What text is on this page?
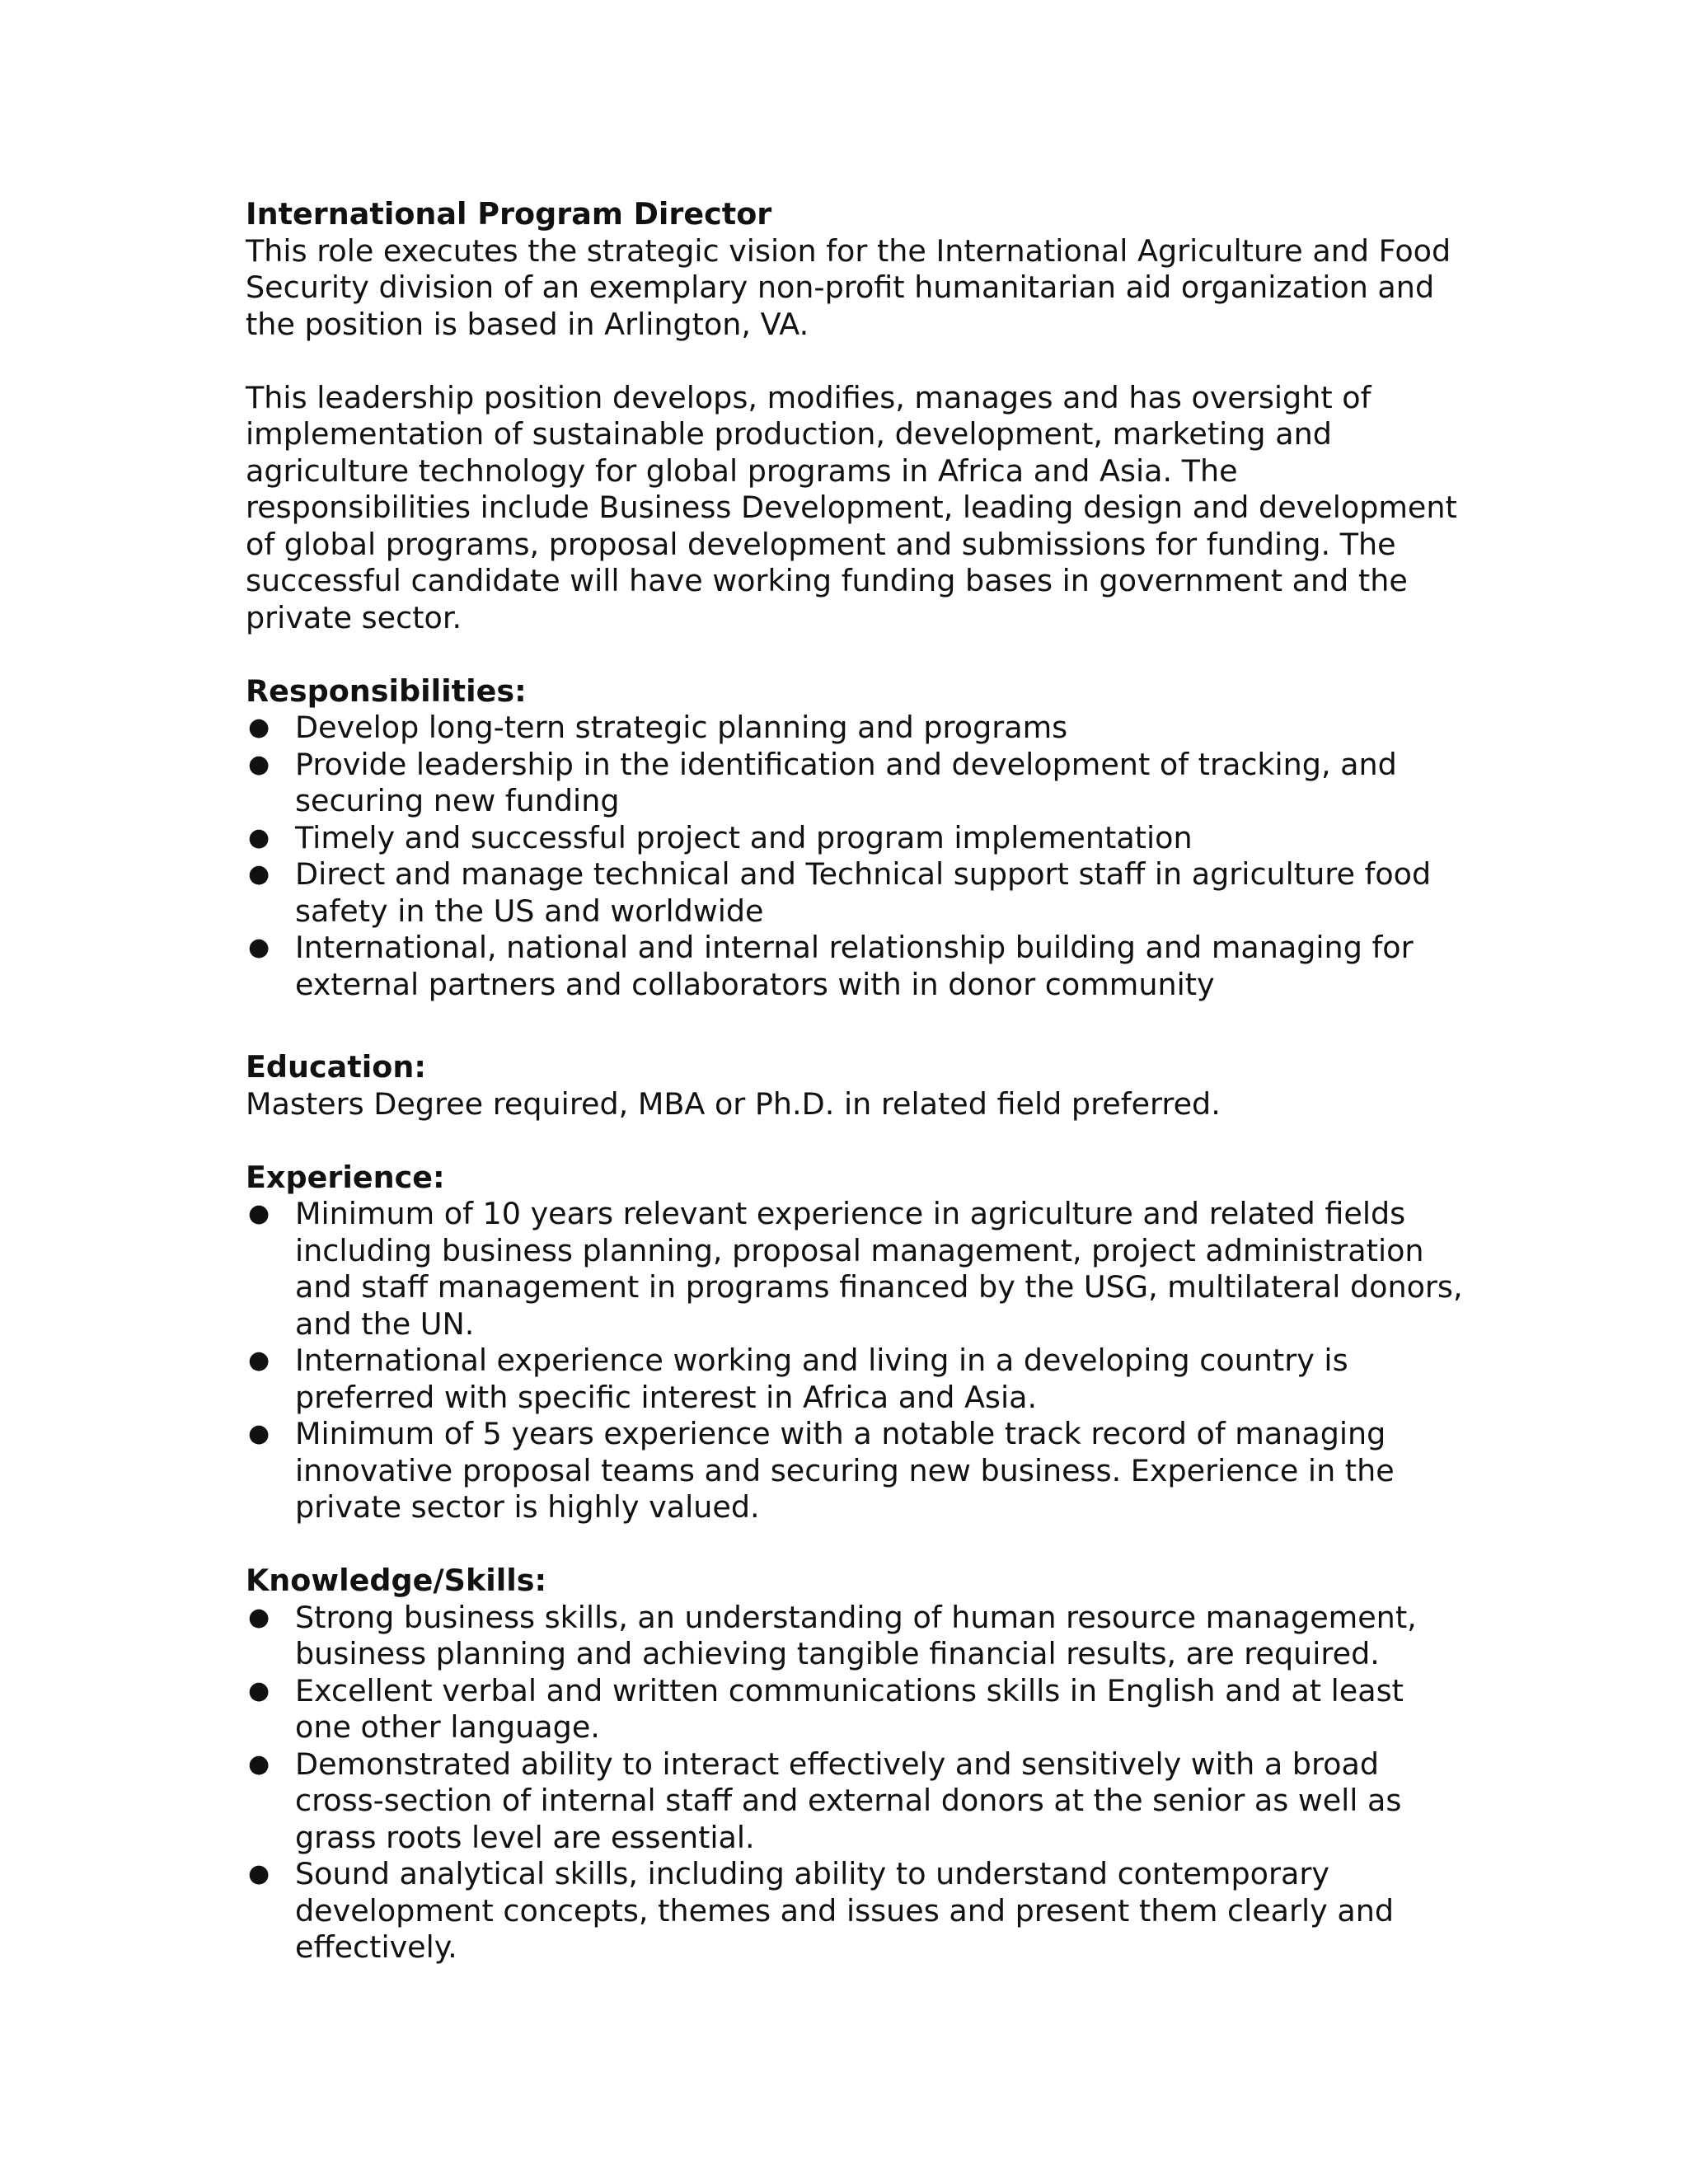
International Program Director

This role executes the strategic vision for the International Agriculture and Food Security division of an exemplary non-profit humanitarian aid organization and the position is based in Arlington, VA.

This leadership position develops, modifies, manages and has oversight of implementation of sustainable production, development, marketing and agriculture technology for global programs in Africa and Asia. The responsibilities include Business Development, leading design and development of global programs, proposal development and submissions for funding. The successful candidate will have working funding bases in government and the private sector.

Responsibilities:
● Develop long-tern strategic planning and programs
● Provide leadership in the identification and development of tracking, and securing new funding
● Timely and successful project and program implementation
● Direct and manage technical and Technical support staff in agriculture food safety in the US and worldwide
● International, national and internal relationship building and managing for external partners and collaborators with in donor community
Education:

Masters Degree required, MBA or Ph.D. in related field preferred.

Experience:
● Minimum of 10 years relevant experience in agriculture and related fields including business planning, proposal management, project administration and staff management in programs financed by the USG, multilateral donors, and the UN.
● International experience working and living in a developing country is preferred with specific interest in Africa and Asia.
● Minimum of 5 years experience with a notable track record of managing innovative proposal teams and securing new business. Experience in the private sector is highly valued.
Knowledge/Skills:
● Strong business skills, an understanding of human resource management, business planning and achieving tangible financial results, are required.
● Excellent verbal and written communications skills in English and at least one other language.
● Demonstrated ability to interact effectively and sensitively with a broad cross-section of internal staff and external donors at the senior as well as grass roots level are essential.
● Sound analytical skills, including ability to understand contemporary development concepts, themes and issues and present them clearly and effectively.
